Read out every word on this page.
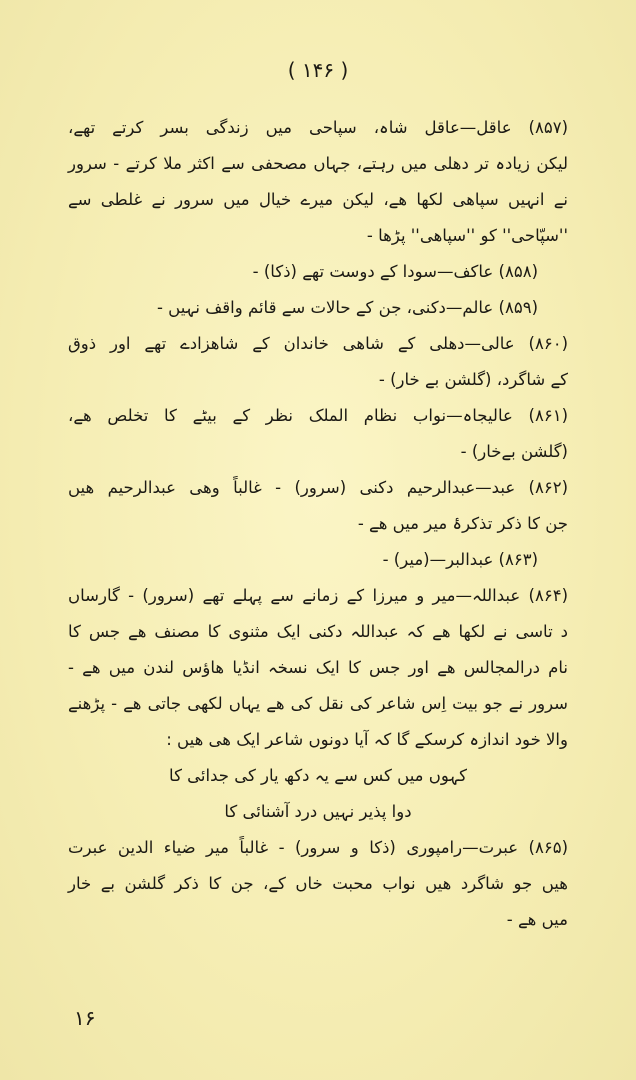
( ۱۴۶ )
(۸۵۷) عاقل—عاقل شاہ، سپاحی میں زندگی بسر کرتے تھے،
لیکن زیادہ تر دھلی میں رہتے، جہاں مصحفی سے اکثر ملا کرتے - سرور
نے انہیں سپاھی لکھا ھے، لیکن میرے خیال میں سرور نے غلطی سے
''سپّاحی'' کو ''سپاھی'' پڑھا -
(۸۵۸) عاکف—سودا کے دوست تھے (ذکا) -
(۸۵۹) عالم—دکنی، جن کے حالات سے قائم واقف نہیں -
(۸۶۰) عالی—دھلی کے شاھی خاندان کے شاھزادے تھے اور ذوق
کے شاگرد، (گلشن بے خار) -
(۸۶۱) عالیجاہ—نواب نظام الملک نظر کے بیٹے کا تخلص ھے،
(گلشن بےخار) -
(۸۶۲) عبد—عبدالرحیم دکنی (سرور) - غالباً وھی عبدالرحیم ھیں
جن کا ذکر تذکرۂ میر میں ھے -
(۸۶۳) عبدالبر—(میر) -
(۸۶۴) عبداللہ—میر و میرزا کے زمانے سے پہلے تھے (سرور) - گارساں
د تاسی نے لکھا ھے کہ عبداللہ دکنی ایک مثنوی کا مصنف ھے جس کا
نام درالمجالس ھے اور جس کا ایک نسخہ انڈیا ھاؤس لندن میں ھے -
سرور نے جو بیت اِس شاعر کی نقل کی ھے یہاں لکھی جاتی ھے - پڑھنے
والا خود اندازہ کرسکے گا کہ آیا دونوں شاعر ایک ھی ھیں :
کہوں میں کس سے یہ دکھ یار کی جدائی کا
دوا پذیر نہیں درد آشنائی کا
(۸۶۵) عبرت—رامپوری (ذکا و سرور) - غالباً میر ضیاء الدین عبرت
ھیں جو شاگرد ھیں نواب محبت خاں کے، جن کا ذکر گلشن بے خار
میں ھے -
۱۶
